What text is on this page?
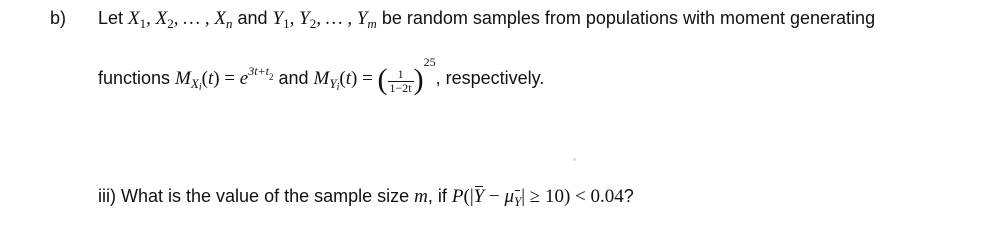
b) Let $X_1$, $X_2$, … , $X_n$ and $Y_1$, $Y_2$, … , $Y_m$ be random samples from populations with moment generating
functions $M_{Xi}(t) = e^{3t+t2}$ and $M_{Yi}(t)$ = ( $\frac{1}{1-2t} )^{25}$, respectively.
iii) What is the value of the sample size m, if $P(|Y - \mu_Y| \ge 10) < 0.04$?
